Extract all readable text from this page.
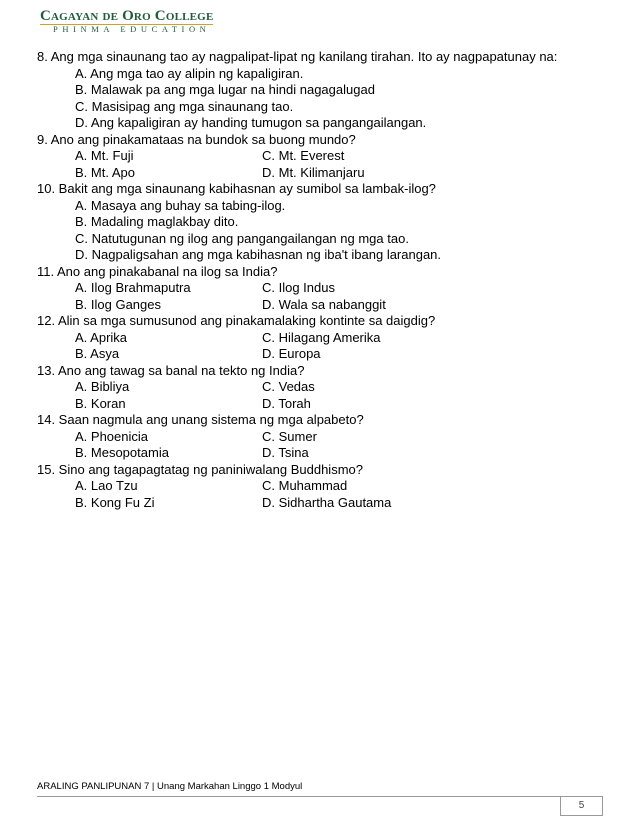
Cagayan de Oro College
PHINMA EDUCATION
8. Ang mga sinaunang tao ay nagpalipat-lipat ng kanilang tirahan. Ito ay nagpapatunay na:
A. Ang mga tao ay alipin ng kapaligiran.
B. Malawak pa ang mga lugar na hindi nagagalugad
C. Masisipag ang mga sinaunang tao.
D. Ang kapaligiran ay handing tumugon sa pangangailangan.
9. Ano ang pinakamataas na bundok sa buong mundo?
A. Mt. Fuji	C. Mt. Everest
B. Mt. Apo	D. Mt. Kilimanjaru
10. Bakit ang mga sinaunang kabihasnan ay sumibol sa lambak-ilog?
A. Masaya ang buhay sa tabing-ilog.
B. Madaling maglakbay dito.
C. Natutugunan ng ilog ang pangangailangan ng mga tao.
D. Nagpaligsahan ang mga kabihasnan ng iba't ibang larangan.
11. Ano ang pinakabanal na ilog sa India?
A. Ilog Brahmaputra	C. Ilog Indus
B. Ilog Ganges	D. Wala sa nabanggit
12. Alin sa mga sumusunod ang pinakamalaking kontinte sa daigdig?
A. Aprika	C. Hilagang Amerika
B. Asya	D. Europa
13. Ano ang tawag sa banal na tekto ng India?
A. Bibliya	C. Vedas
B. Koran	D. Torah
14. Saan nagmula ang unang sistema ng mga alpabeto?
A. Phoenicia	C. Sumer
B. Mesopotamia	D. Tsina
15. Sino ang tagapagtatag ng paniniwalang Buddhismo?
A. Lao Tzu	C. Muhammad
B. Kong Fu Zi	D. Sidhartha Gautama
ARALING PANLIPUNAN 7 | Unang Markahan Linggo 1 Modyul
5
